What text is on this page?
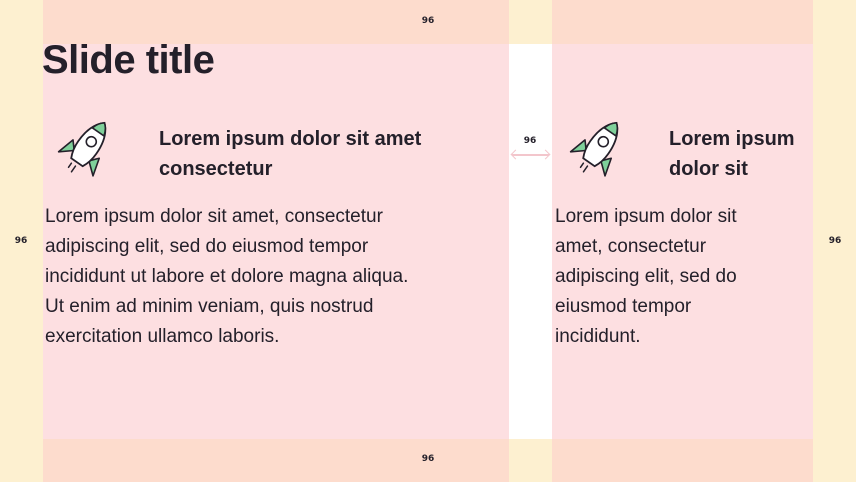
96
96
96	96
96
Slide title

Lorem ipsum dolor sit amet

consectetur

Lorem ipsum dolor sit amet, consectetur

adipiscing elit, sed do eiusmod tempor

incididunt ut labore et dolore magna aliqua.

Ut enim ad minim veniam, quis nostrud

exercitation ullamco laboris.

Lorem ipsum

dolor sit

Lorem ipsum dolor sit

amet, consectetur

adipiscing elit, sed do

eiusmod tempor

incididunt.
